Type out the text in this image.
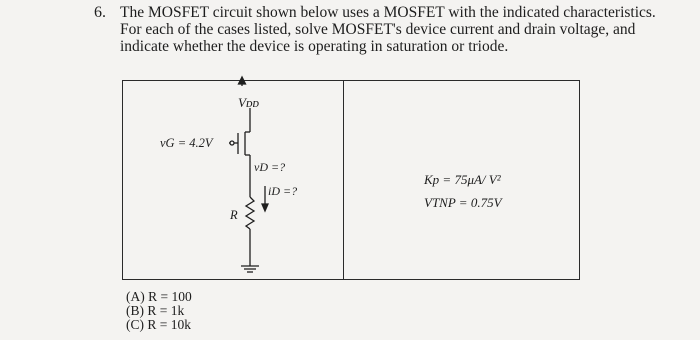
6. The MOSFET circuit shown below uses a MOSFET with the indicated characteristics.
For each of the cases listed, solve MOSFET's device current and drain voltage, and
indicate whether the device is operating in saturation or triode.
Vᴅᴅ
vG = 4.2V
vD =?
iD =?
R
Kp = 75μA/ V²
VTNP = 0.75V
(A) R = 100
(B) R = 1k
(C) R = 10k
